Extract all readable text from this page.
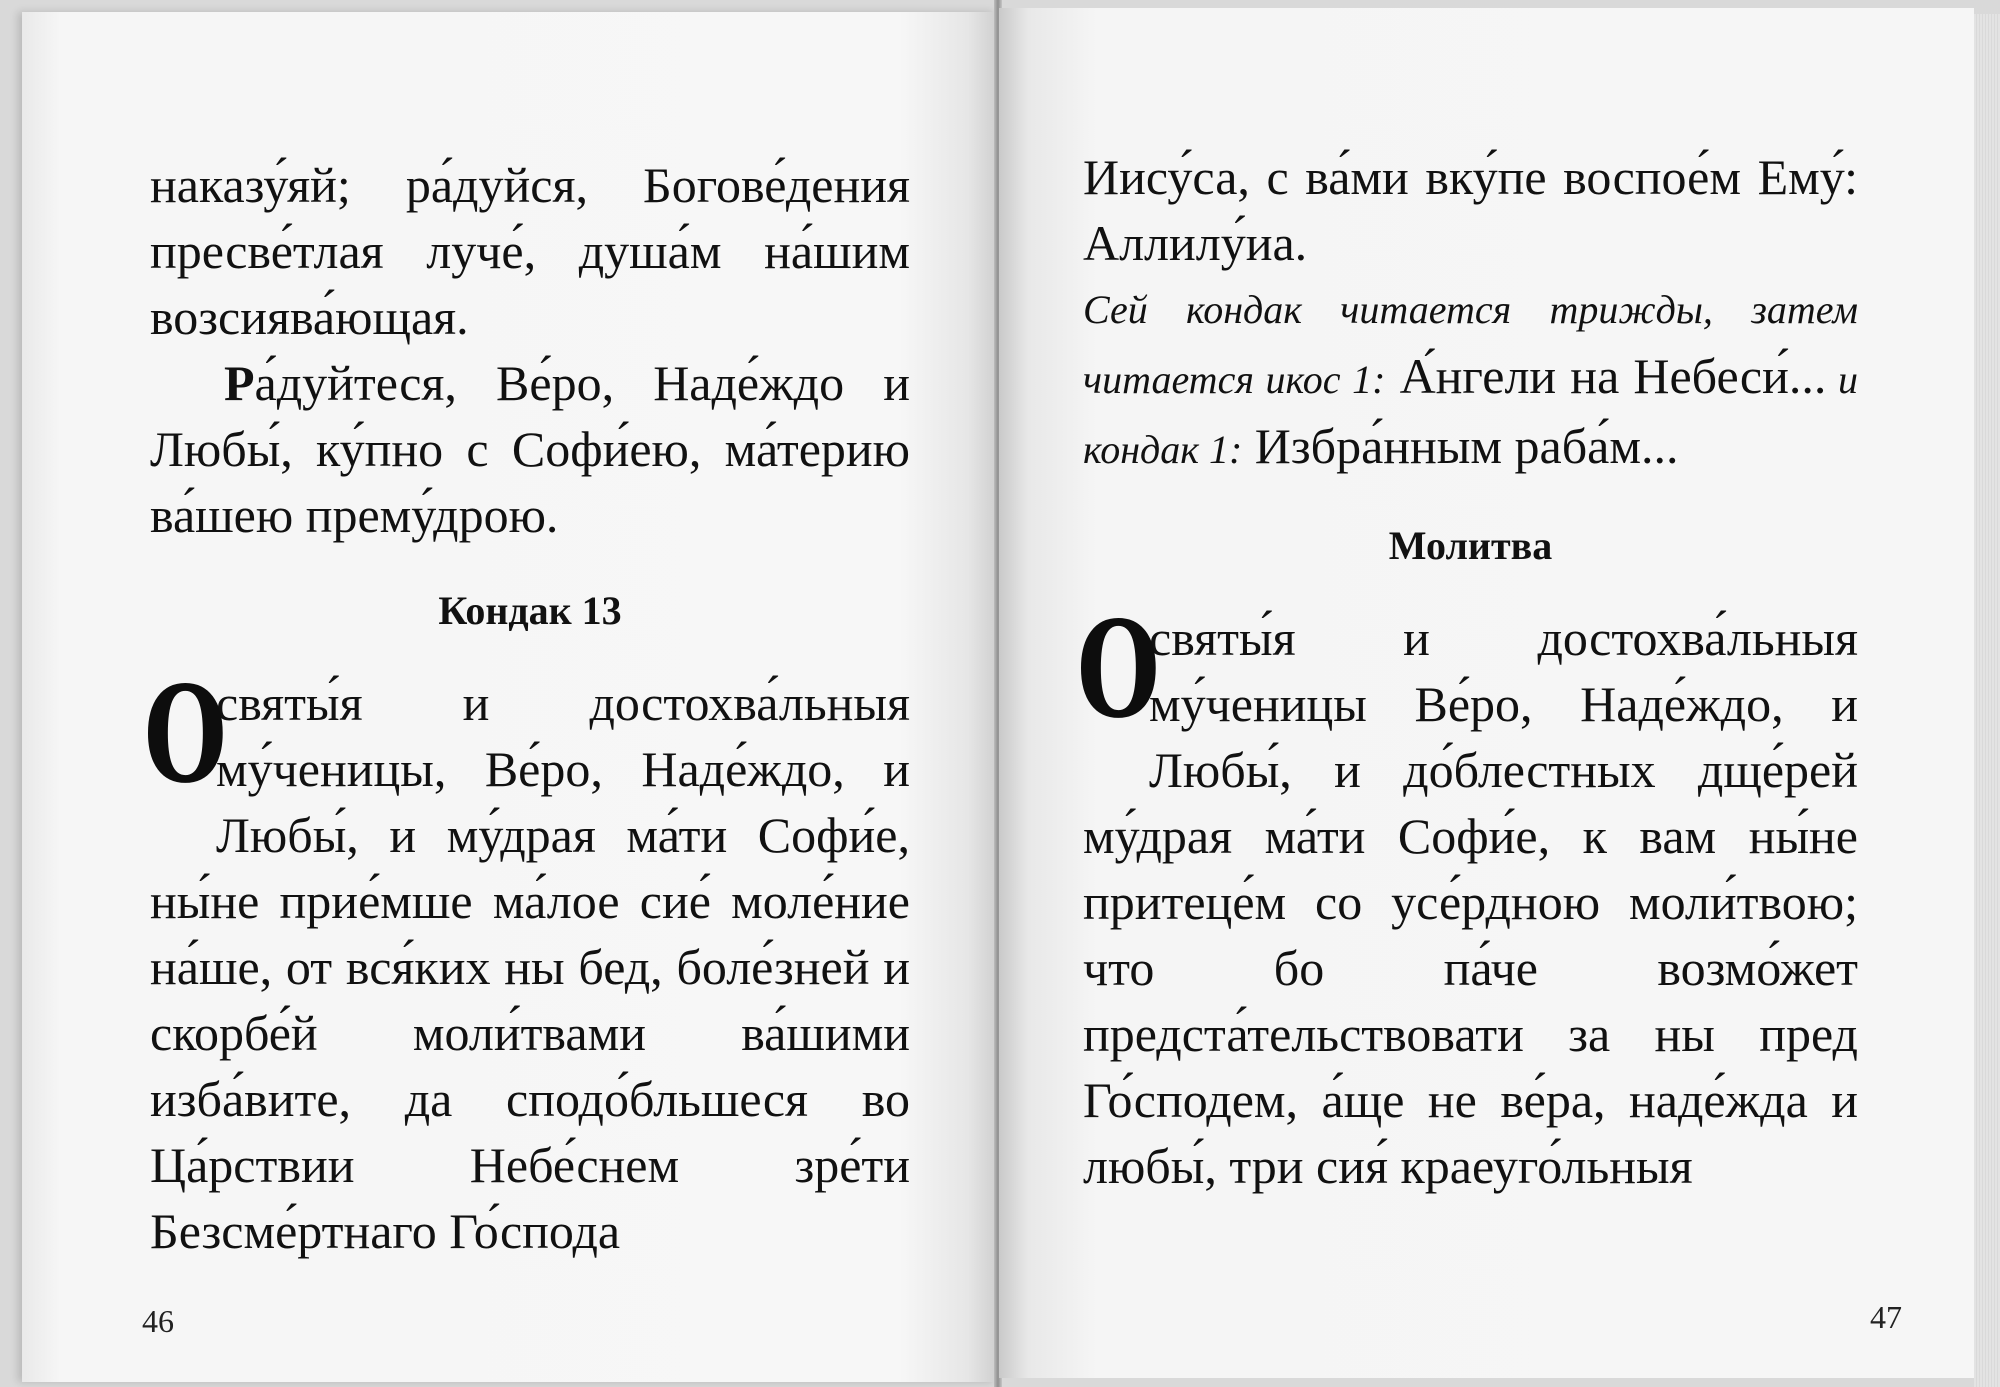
наказу́яй; ра́дуйся, Богове́дения пресве́тлая луче́, душа́м на́шим возсиява́ющая.

Ра́дуйтеся, Ве́ро, Наде́ждо и Любы́, ку́пно с Софи́ею, ма́терию ва́шею прему́дрою.

Кондак 13
О

святы́я и достохва́льныя му́ченицы, Ве́ро, Наде́ждо, и Любы́, и му́драя ма́ти Софи́е, ны́не прие́мше ма́лое сие́ моле́ние на́ше, от вся́ких ны бед, боле́зней и скорбе́й моли́твами ва́шими изба́вите, да сподо́бльшеся во Ца́рствии Небе́снем зре́ти Безсме́ртнаго Го́спода

46

Иису́са, с ва́ми вку́пе воспое́м Ему́: Аллилу́иа.

Сей кондак читается трижды, затем читается икос 1: А́нгели на Небеси́... и кондак 1: Избра́нным раба́м...

Молитва
О

святы́я и достохва́льныя му́ченицы Ве́ро, Наде́ждо, и Любы́, и до́блестных дще́рей му́драя ма́ти Софи́е, к вам ны́не притеце́м со усе́рдною моли́твою; что бо па́че возмо́жет предста́тельствовати за ны пред Го́сподем, а́ще не ве́ра, наде́жда и любы́, три сия́ краеуго́льныя

47
